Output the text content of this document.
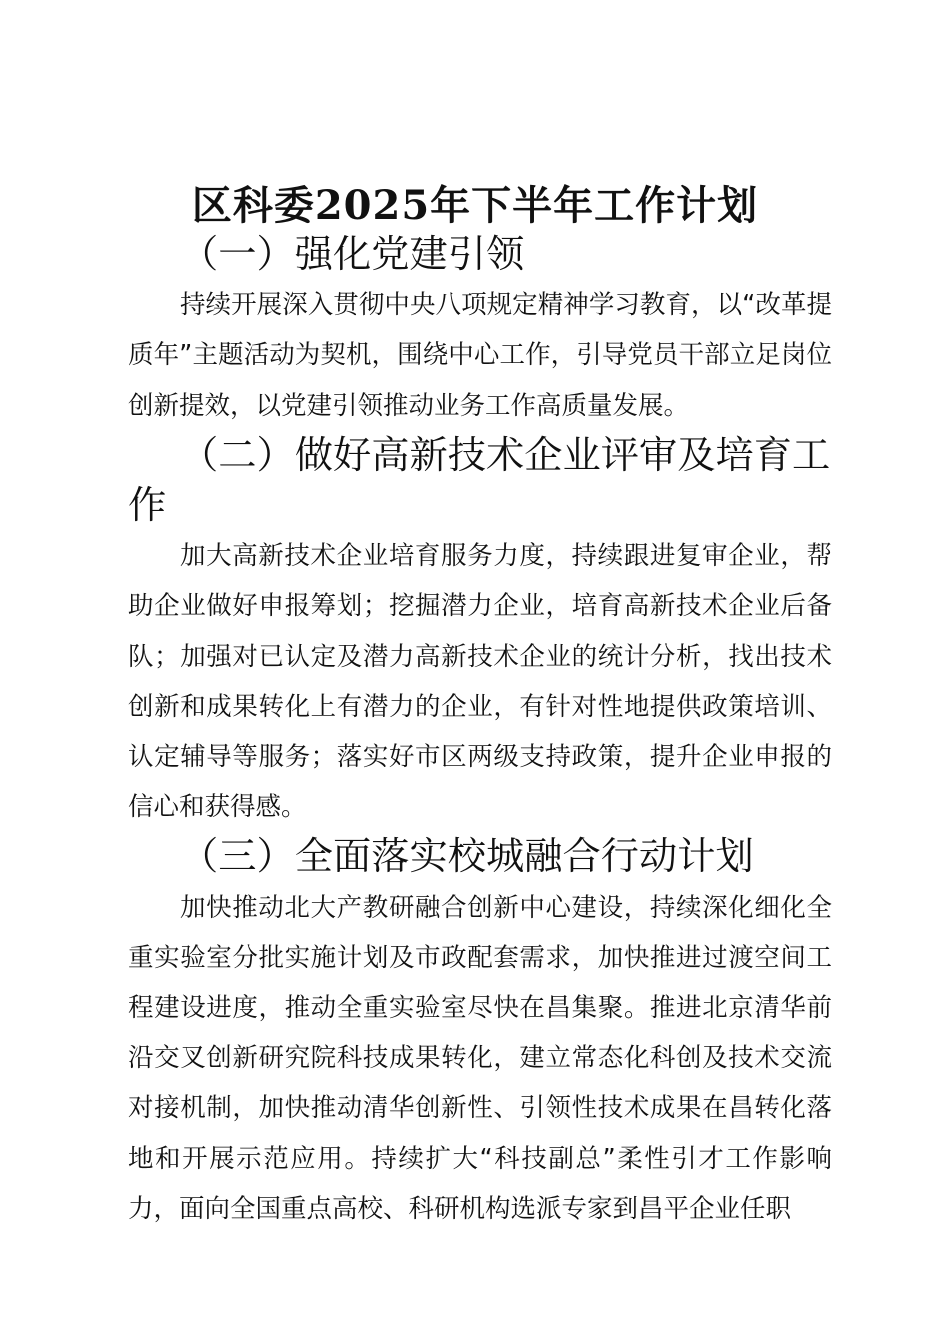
区科委2025年下半年工作计划
（一）强化党建引领

持续开展深入贯彻中央八项规定精神学习教育，以“改革提质年”主题活动为契机，围绕中心工作，引导党员干部立足岗位创新提效，以党建引领推动业务工作高质量发展。

（二）做好高新技术企业评审及培育工作

加大高新技术企业培育服务力度，持续跟进复审企业，帮助企业做好申报筹划；挖掘潜力企业，培育高新技术企业后备队；加强对已认定及潜力高新技术企业的统计分析，找出技术创新和成果转化上有潜力的企业，有针对性地提供政策培训、认定辅导等服务；落实好市区两级支持政策，提升企业申报的信心和获得感。

（三）全面落实校城融合行动计划

加快推动北大产教研融合创新中心建设，持续深化细化全重实验室分批实施计划及市政配套需求，加快推进过渡空间工程建设进度，推动全重实验室尽快在昌集聚。推进北京清华前沿交叉创新研究院科技成果转化，建立常态化科创及技术交流对接机制，加快推动清华创新性、引领性技术成果在昌转化落地和开展示范应用。持续扩大“科技副总”柔性引才工作影响力，面向全国重点高校、科研机构选派专家到昌平企业任职
